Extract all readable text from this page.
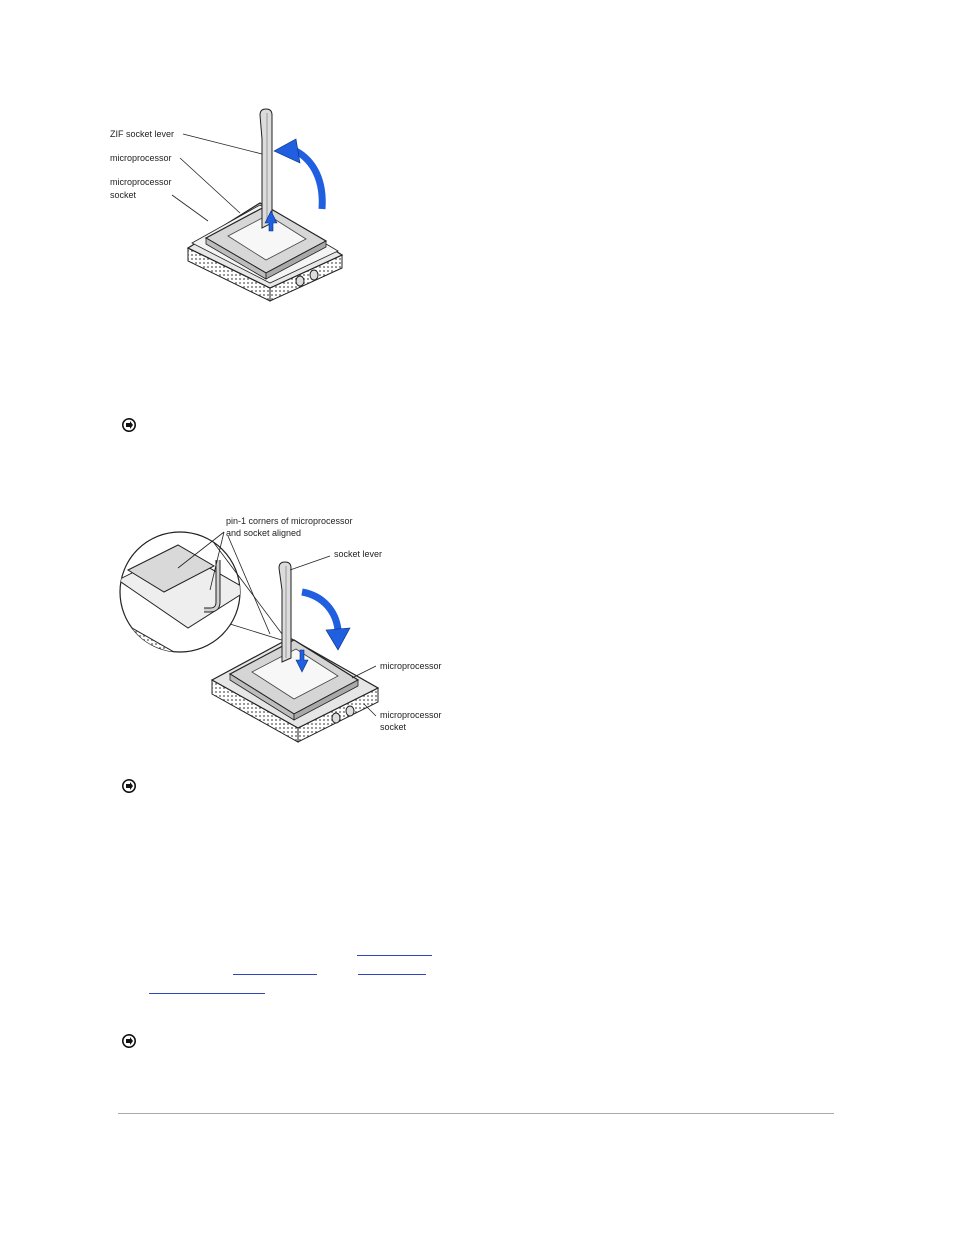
ZIF socket lever
microprocessor
microprocessor
socket
pin-1 corners of microprocessor
and socket aligned
socket lever
microprocessor
microprocessor
socket
